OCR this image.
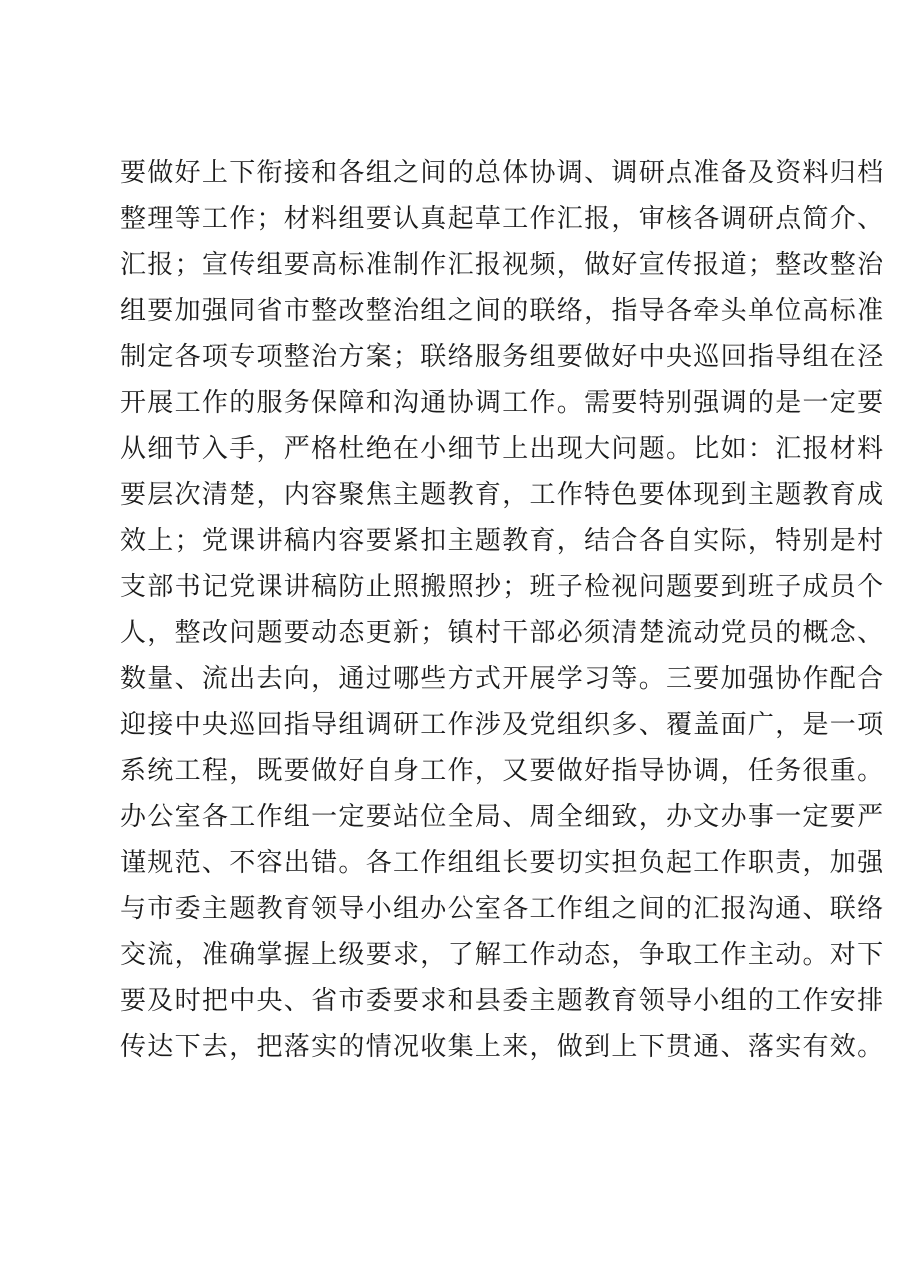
要做好上下衔接和各组之间的总体协调、调研点准备及资料归档
整理等工作；材料组要认真起草工作汇报，审核各调研点简介、
汇报；宣传组要高标准制作汇报视频，做好宣传报道；整改整治
组要加强同省市整改整治组之间的联络，指导各牵头单位高标准
制定各项专项整治方案；联络服务组要做好中央巡回指导组在泾
开展工作的服务保障和沟通协调工作。需要特别强调的是一定要
从细节入手，严格杜绝在小细节上出现大问题。比如：汇报材料
要层次清楚，内容聚焦主题教育，工作特色要体现到主题教育成
效上；党课讲稿内容要紧扣主题教育，结合各自实际，特别是村
支部书记党课讲稿防止照搬照抄；班子检视问题要到班子成员个
人，整改问题要动态更新；镇村干部必须清楚流动党员的概念、
数量、流出去向，通过哪些方式开展学习等。三要加强协作配合
迎接中央巡回指导组调研工作涉及党组织多、覆盖面广，是一项
系统工程，既要做好自身工作，又要做好指导协调，任务很重。
办公室各工作组一定要站位全局、周全细致，办文办事一定要严
谨规范、不容出错。各工作组组长要切实担负起工作职责，加强
与市委主题教育领导小组办公室各工作组之间的汇报沟通、联络
交流，准确掌握上级要求，了解工作动态，争取工作主动。对下
要及时把中央、省市委要求和县委主题教育领导小组的工作安排
传达下去，把落实的情况收集上来，做到上下贯通、落实有效。
